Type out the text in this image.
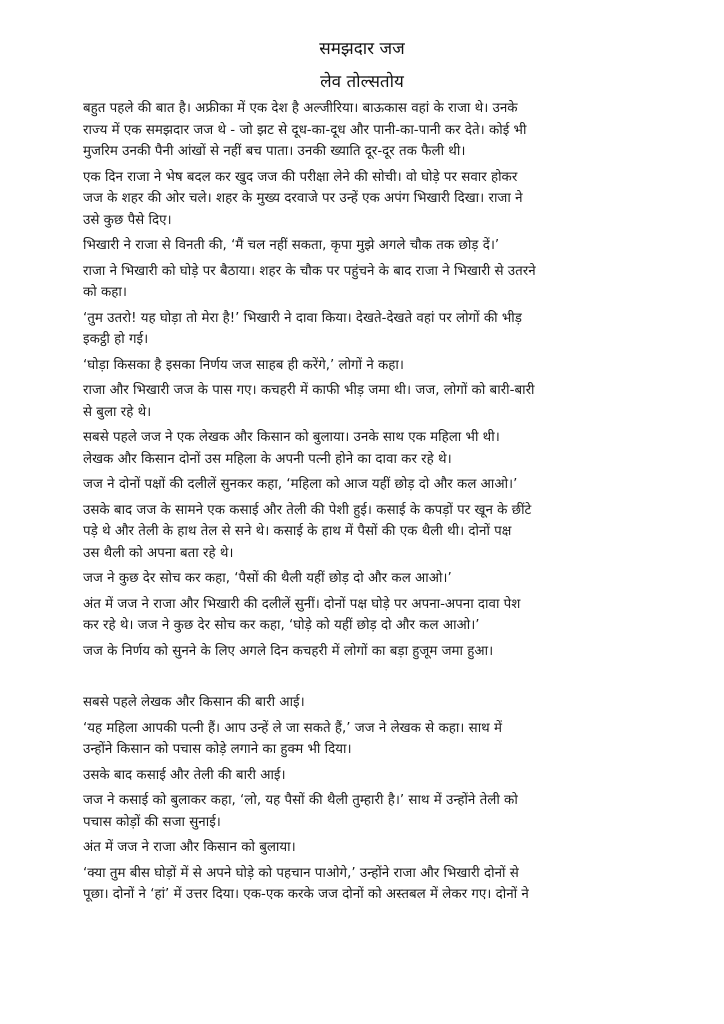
समझदार जज
लेव तोल्सतोय

बहुत पहले की बात है। अफ्रीका में एक देश है अल्जीरिया। बाऊकास वहां के राजा थे। उनके
राज्य में एक समझदार जज थे - जो झट से दूध-का-दूध और पानी-का-पानी कर देते। कोई भी
मुजरिम उनकी पैनी आंखों से नहीं बच पाता। उनकी ख्याति दूर-दूर तक फैली थी।

एक दिन राजा ने भेष बदल कर खुद जज की परीक्षा लेने की सोची। वो घोड़े पर सवार होकर
जज के शहर की ओर चले। शहर के मुख्य दरवाजे पर उन्हें एक अपंग भिखारी दिखा। राजा ने
उसे कुछ पैसे दिए।

भिखारी ने राजा से विनती की, ‘मैं चल नहीं सकता, कृपा मुझे अगले चौक तक छोड़ दें।’

राजा ने भिखारी को घोड़े पर बैठाया। शहर के चौक पर पहुंचने के बाद राजा ने भिखारी से उतरने
को कहा।

‘तुम उतरो! यह घोड़ा तो मेरा है!’ भिखारी ने दावा किया। देखते-देखते वहां पर लोगों की भीड़
इकट्ठी हो गई।

‘घोड़ा किसका है इसका निर्णय जज साहब ही करेंगे,’ लोगों ने कहा।

राजा और भिखारी जज के पास गए। कचहरी में काफी भीड़ जमा थी। जज, लोगों को बारी-बारी
से बुला रहे थे।

सबसे पहले जज ने एक लेखक और किसान को बुलाया। उनके साथ एक महिला भी थी।
लेखक और किसान दोनों उस महिला के अपनी पत्नी होने का दावा कर रहे थे।

जज ने दोनों पक्षों की दलीलें सुनकर कहा, ‘महिला को आज यहीं छोड़ दो और कल आओ।’

उसके बाद जज के सामने एक कसाई और तेली की पेशी हुई। कसाई के कपड़ों पर खून के छींटे
पड़े थे और तेली के हाथ तेल से सने थे। कसाई के हाथ में पैसों की एक थैली थी। दोनों पक्ष
उस थैली को अपना बता रहे थे।

जज ने कुछ देर सोच कर कहा, ‘पैसों की थैली यहीं छोड़ दो और कल आओ।’

अंत में जज ने राजा और भिखारी की दलीलें सुनीं। दोनों पक्ष घोड़े पर अपना-अपना दावा पेश
कर रहे थे। जज ने कुछ देर सोच कर कहा, ‘घोड़े को यहीं छोड़ दो और कल आओ।’

जज के निर्णय को सुनने के लिए अगले दिन कचहरी में लोगों का बड़ा हुजूम जमा हुआ।

सबसे पहले लेखक और किसान की बारी आई।

‘यह महिला आपकी पत्नी हैं। आप उन्हें ले जा सकते हैं,’ जज ने लेखक से कहा। साथ में
उन्होंने किसान को पचास कोड़े लगाने का हुक्म भी दिया।

उसके बाद कसाई और तेली की बारी आई।

जज ने कसाई को बुलाकर कहा, ‘लो, यह पैसों की थैली तुम्हारी है।’ साथ में उन्होंने तेली को
पचास कोड़ों की सजा सुनाई।

अंत में जज ने राजा और किसान को बुलाया।

‘क्या तुम बीस घोड़ों में से अपने घोड़े को पहचान पाओगे,’ उन्होंने राजा और भिखारी दोनों से
पूछा। दोनों ने ‘हां’ में उत्तर दिया। एक-एक करके जज दोनों को अस्तबल में लेकर गए। दोनों ने
